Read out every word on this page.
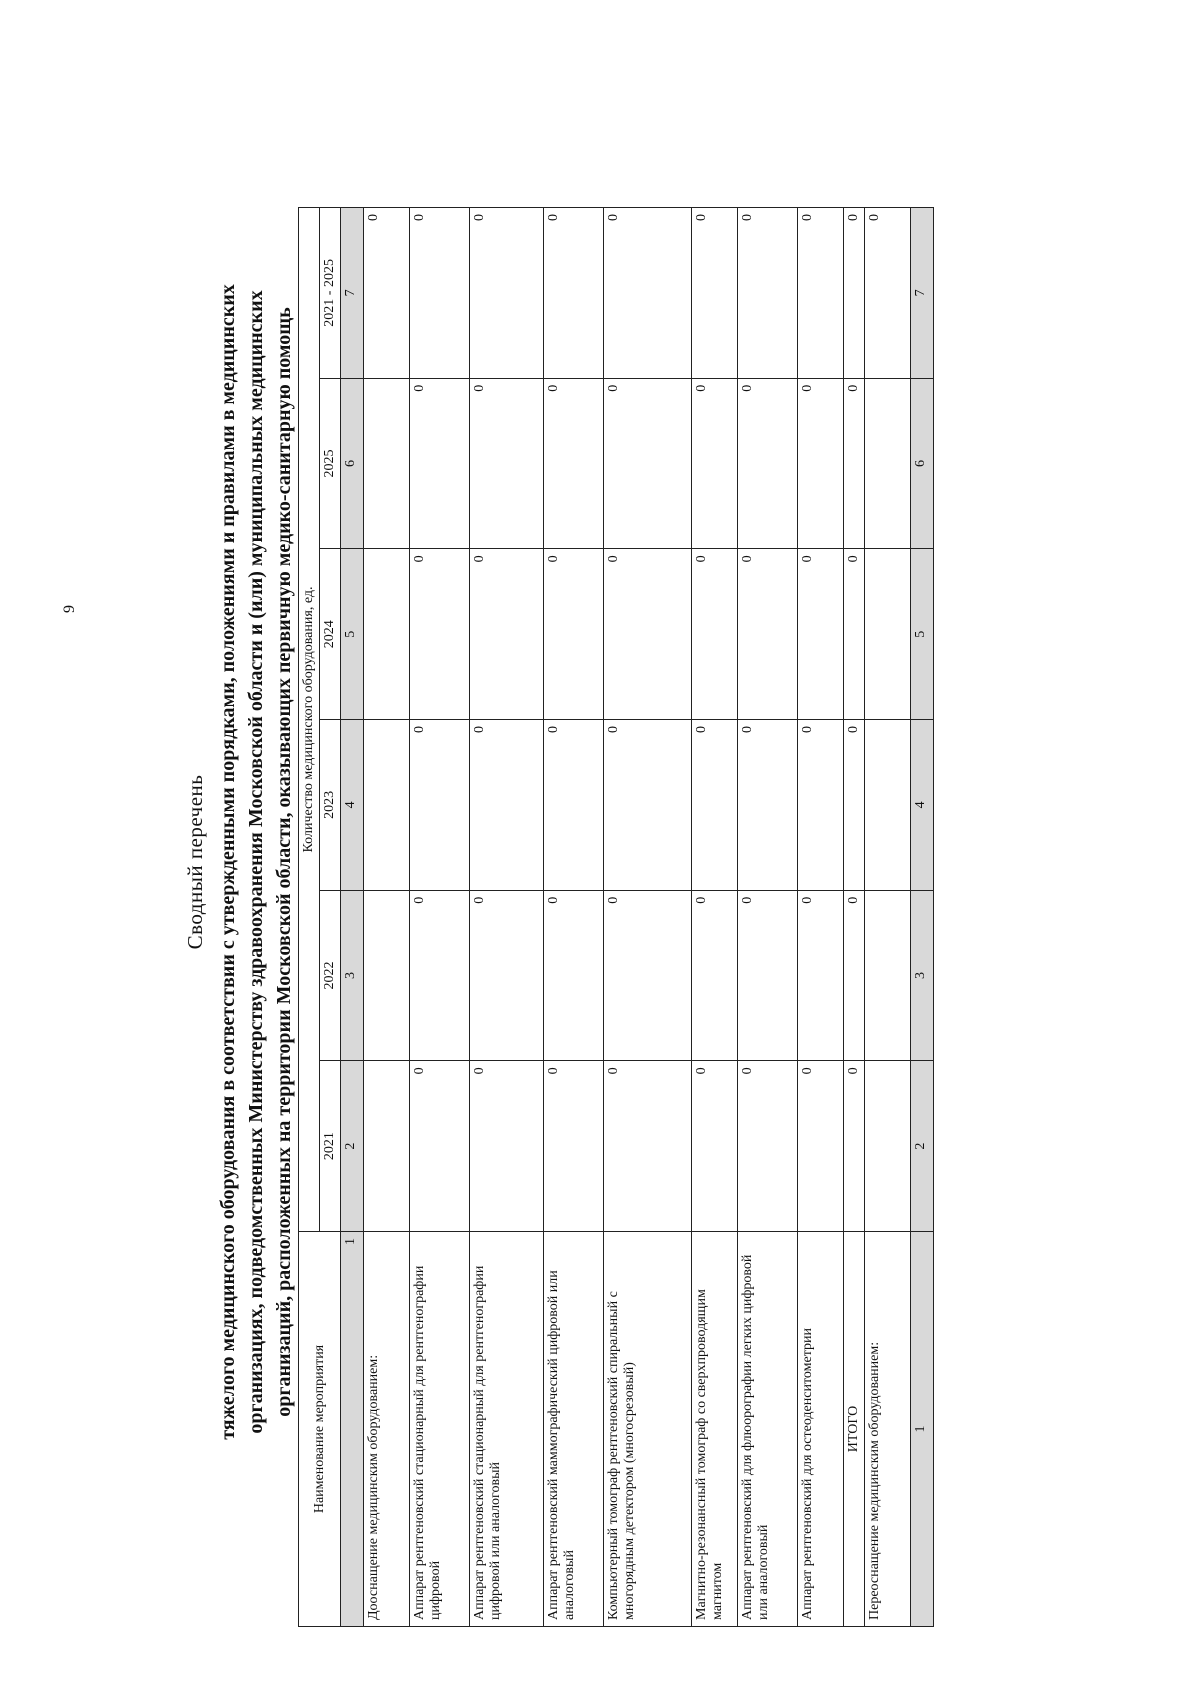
9

Сводный перечень тяжелого медицинского оборудования в соответствии с утвержденными порядками, положениями и правилами в медицинских организациях, подведомственных Министерству здравоохранения Московской области и (или) муниципальных медицинских организаций, расположенных на территории Московской области, оказывающих первичную медико-санитарную помощь

Наименование мероприятия	Количество медицинского оборудования, ед.					
	2021	2022	2023	2024	2025	2021 - 2025
1	2	3	4	5	6	7
Дооснащение медицинским оборудованием:						0
Аппарат рентгеновский стационарный для рентгенографии цифровой	0	0	0	0	0	0
Аппарат рентгеновский стационарный для рентгенографии цифровой или аналоговый	0	0	0	0	0	0
Аппарат рентгеновский маммографический цифровой или аналоговый	0	0	0	0	0	0
Компьютерный томограф рентгеновский спиральный с многорядным детектором (многосрезовый)	0	0	0	0	0	0
Магнитно-резонансный томограф со сверхпроводящим магнитом	0	0	0	0	0	0
Аппарат рентгеновский для флюорографии легких цифровой или аналоговый	0	0	0	0	0	0
Аппарат рентгеновский для остеоденситометрии	0	0	0	0	0	0
ИТОГО	0	0	0	0	0	0
Переоснащение медицинским оборудованием:						0
1	2	3	4	5	6	7
